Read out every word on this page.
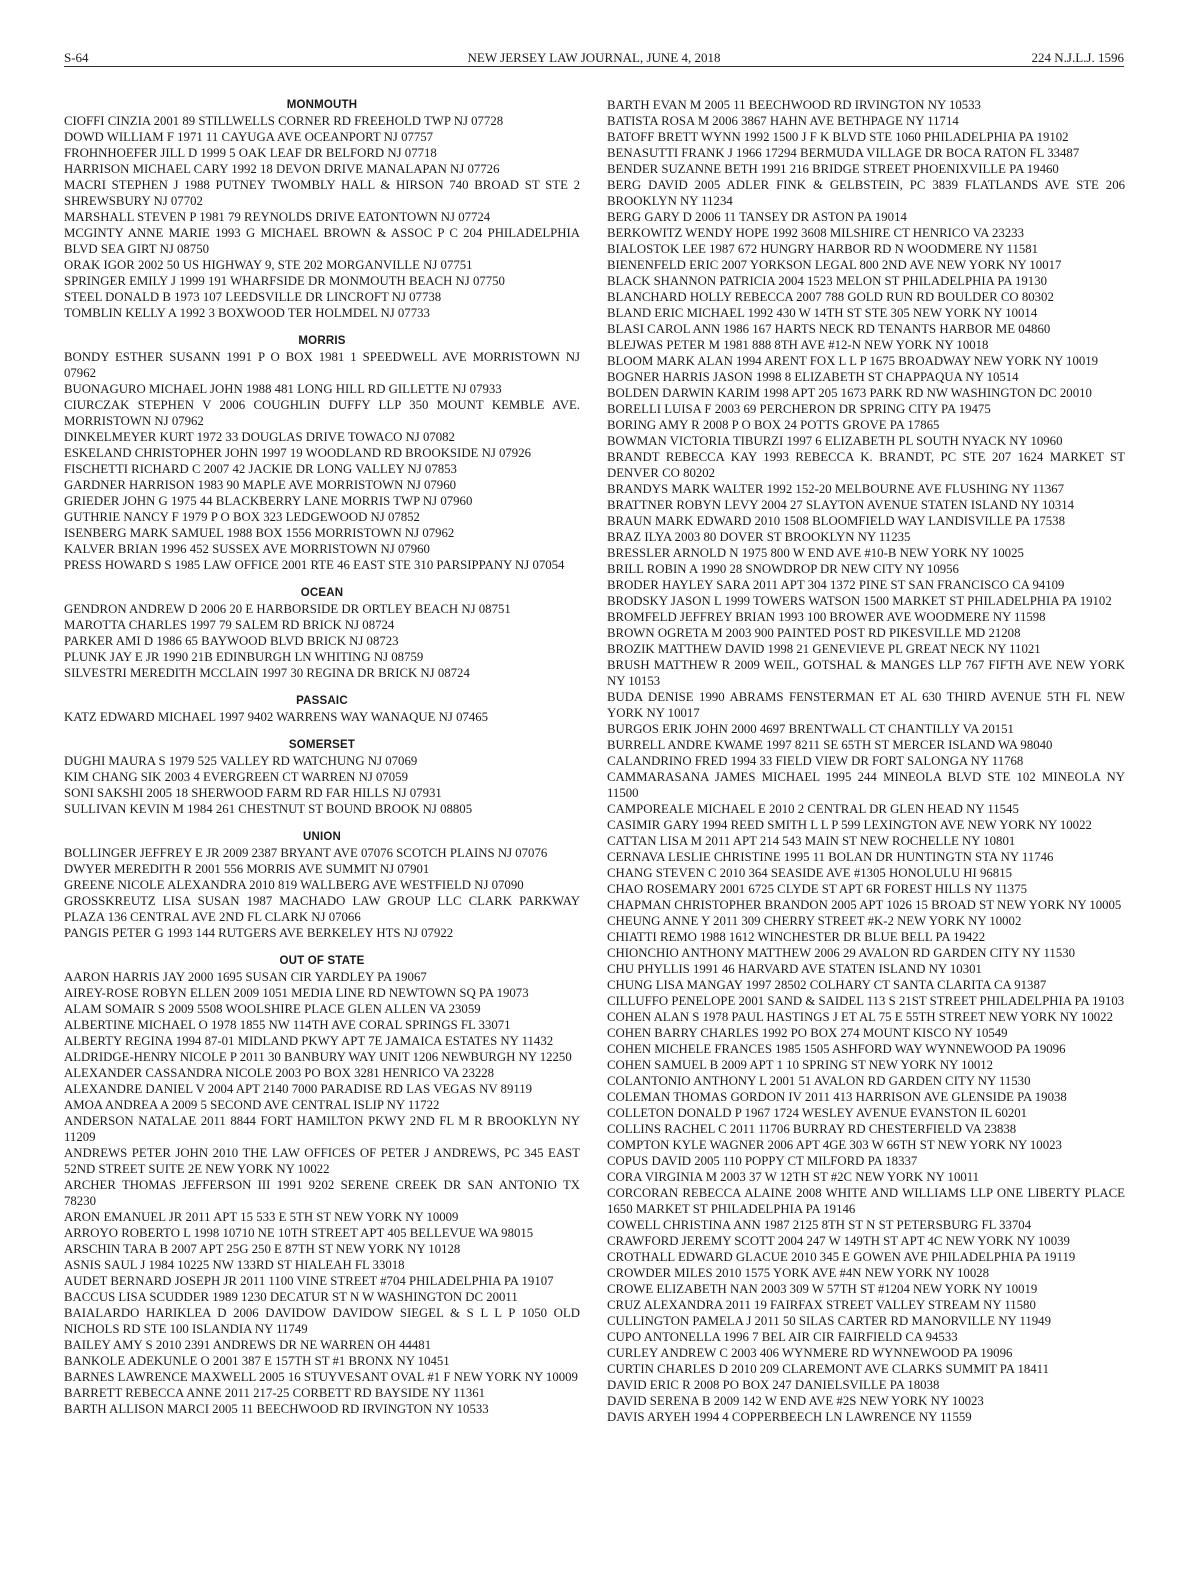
S-64	NEW JERSEY LAW JOURNAL, JUNE 4, 2018	224 N.J.L.J. 1596
MONMOUTH
CIOFFI CINZIA 2001 89 STILLWELLS CORNER RD FREEHOLD TWP NJ 07728
DOWD WILLIAM F 1971 11 CAYUGA AVE OCEANPORT NJ 07757
FROHNHOEFER JILL D 1999 5 OAK LEAF DR BELFORD NJ 07718
HARRISON MICHAEL CARY 1992 18 DEVON DRIVE MANALAPAN NJ 07726
MACRI STEPHEN J 1988 PUTNEY TWOMBLY HALL & HIRSON 740 BROAD ST STE 2 SHREWSBURY NJ 07702
MARSHALL STEVEN P 1981 79 REYNOLDS DRIVE EATONTOWN NJ 07724
MCGINTY ANNE MARIE 1993 G MICHAEL BROWN & ASSOC P C 204 PHILADELPHIA BLVD SEA GIRT NJ 08750
ORAK IGOR 2002 50 US HIGHWAY 9, STE 202 MORGANVILLE NJ 07751
SPRINGER EMILY J 1999 191 WHARFSIDE DR MONMOUTH BEACH NJ 07750
STEEL DONALD B 1973 107 LEEDSVILLE DR LINCROFT NJ 07738
TOMBLIN KELLY A 1992 3 BOXWOOD TER HOLMDEL NJ 07733
MORRIS
BONDY ESTHER SUSANN 1991 P O BOX 1981 1 SPEEDWELL AVE MORRISTOWN NJ 07962
BUONAGURO MICHAEL JOHN 1988 481 LONG HILL RD GILLETTE NJ 07933
CIURCZAK STEPHEN V 2006 COUGHLIN DUFFY LLP 350 MOUNT KEMBLE AVE. MORRISTOWN NJ 07962
DINKELMEYER KURT 1972 33 DOUGLAS DRIVE TOWACO NJ 07082
ESKELAND CHRISTOPHER JOHN 1997 19 WOODLAND RD BROOKSIDE NJ 07926
FISCHETTI RICHARD C 2007 42 JACKIE DR LONG VALLEY NJ 07853
GARDNER HARRISON 1983 90 MAPLE AVE MORRISTOWN NJ 07960
GRIEDER JOHN G 1975 44 BLACKBERRY LANE MORRIS TWP NJ 07960
GUTHRIE NANCY F 1979 P O BOX 323 LEDGEWOOD NJ 07852
ISENBERG MARK SAMUEL 1988 BOX 1556 MORRISTOWN NJ 07962
KALVER BRIAN 1996 452 SUSSEX AVE MORRISTOWN NJ 07960
PRESS HOWARD S 1985 LAW OFFICE 2001 RTE 46 EAST STE 310 PARSIPPANY NJ 07054
OCEAN
GENDRON ANDREW D 2006 20 E HARBORSIDE DR ORTLEY BEACH NJ 08751
MAROTTA CHARLES 1997 79 SALEM RD BRICK NJ 08724
PARKER AMI D 1986 65 BAYWOOD BLVD BRICK NJ 08723
PLUNK JAY E JR 1990 21B EDINBURGH LN WHITING NJ 08759
SILVESTRI MEREDITH MCCLAIN 1997 30 REGINA DR BRICK NJ 08724
PASSAIC
KATZ EDWARD MICHAEL 1997 9402 WARRENS WAY WANAQUE NJ 07465
SOMERSET
DUGHI MAURA S 1979 525 VALLEY RD WATCHUNG NJ 07069
KIM CHANG SIK 2003 4 EVERGREEN CT WARREN NJ 07059
SONI SAKSHI 2005 18 SHERWOOD FARM RD FAR HILLS NJ 07931
SULLIVAN KEVIN M 1984 261 CHESTNUT ST BOUND BROOK NJ 08805
UNION
BOLLINGER JEFFREY E JR 2009 2387 BRYANT AVE 07076 SCOTCH PLAINS NJ 07076
DWYER MEREDITH R 2001 556 MORRIS AVE SUMMIT NJ 07901
GREENE NICOLE ALEXANDRA 2010 819 WALLBERG AVE WESTFIELD NJ 07090
GROSSKREUTZ LISA SUSAN 1987 MACHADO LAW GROUP LLC CLARK PARKWAY PLAZA 136 CENTRAL AVE 2ND FL CLARK NJ 07066
PANGIS PETER G 1993 144 RUTGERS AVE BERKELEY HTS NJ 07922
OUT OF STATE
AARON HARRIS JAY 2000 1695 SUSAN CIR YARDLEY PA 19067
AIREY-ROSE ROBYN ELLEN 2009 1051 MEDIA LINE RD NEWTOWN SQ PA 19073
ALAM SOMAIR S 2009 5508 WOOLSHIRE PLACE GLEN ALLEN VA 23059
ALBERTINE MICHAEL O 1978 1855 NW 114TH AVE CORAL SPRINGS FL 33071
ALBERTY REGINA 1994 87-01 MIDLAND PKWY APT 7E JAMAICA ESTATES NY 11432
ALDRIDGE-HENRY NICOLE P 2011 30 BANBURY WAY UNIT 1206 NEWBURGH NY 12250
ALEXANDER CASSANDRA NICOLE 2003 PO BOX 3281 HENRICO VA 23228
ALEXANDRE DANIEL V 2004 APT 2140 7000 PARADISE RD LAS VEGAS NV 89119
AMOA ANDREA A 2009 5 SECOND AVE CENTRAL ISLIP NY 11722
ANDERSON NATALAE 2011 8844 FORT HAMILTON PKWY 2ND FL M R BROOKLYN NY 11209
ANDREWS PETER JOHN 2010 THE LAW OFFICES OF PETER J ANDREWS, PC 345 EAST 52ND STREET SUITE 2E NEW YORK NY 10022
ARCHER THOMAS JEFFERSON III 1991 9202 SERENE CREEK DR SAN ANTONIO TX 78230
ARON EMANUEL JR 2011 APT 15 533 E 5TH ST NEW YORK NY 10009
ARROYO ROBERTO L 1998 10710 NE 10TH STREET APT 405 BELLEVUE WA 98015
ARSCHIN TARA B 2007 APT 25G 250 E 87TH ST NEW YORK NY 10128
ASNIS SAUL J 1984 10225 NW 133RD ST HIALEAH FL 33018
AUDET BERNARD JOSEPH JR 2011 1100 VINE STREET #704 PHILADELPHIA PA 19107
BACCUS LISA SCUDDER 1989 1230 DECATUR ST N W WASHINGTON DC 20011
BAIALARDO HARIKLEA D 2006 DAVIDOW DAVIDOW SIEGEL & S L L P 1050 OLD NICHOLS RD STE 100 ISLANDIA NY 11749
BAILEY AMY S 2010 2391 ANDREWS DR NE WARREN OH 44481
BANKOLE ADEKUNLE O 2001 387 E 157TH ST #1 BRONX NY 10451
BARNES LAWRENCE MAXWELL 2005 16 STUYVESANT OVAL #1 F NEW YORK NY 10009
BARRETT REBECCA ANNE 2011 217-25 CORBETT RD BAYSIDE NY 11361
BARTH ALLISON MARCI 2005 11 BEECHWOOD RD IRVINGTON NY 10533
BARTH EVAN M 2005 11 BEECHWOOD RD IRVINGTON NY 10533
BATISTA ROSA M 2006 3867 HAHN AVE BETHPAGE NY 11714
BATOFF BRETT WYNN 1992 1500 J F K BLVD STE 1060 PHILADELPHIA PA 19102
BENASUTTI FRANK J 1966 17294 BERMUDA VILLAGE DR BOCA RATON FL 33487
BENDER SUZANNE BETH 1991 216 BRIDGE STREET PHOENIXVILLE PA 19460
BERG DAVID 2005 ADLER FINK & GELBSTEIN, PC 3839 FLATLANDS AVE STE 206 BROOKLYN NY 11234
BERG GARY D 2006 11 TANSEY DR ASTON PA 19014
BERKOWITZ WENDY HOPE 1992 3608 MILSHIRE CT HENRICO VA 23233
BIALOSTOK LEE 1987 672 HUNGRY HARBOR RD N WOODMERE NY 11581
BIENENFELD ERIC 2007 YORKSON LEGAL 800 2ND AVE NEW YORK NY 10017
BLACK SHANNON PATRICIA 2004 1523 MELON ST PHILADELPHIA PA 19130
BLANCHARD HOLLY REBECCA 2007 788 GOLD RUN RD BOULDER CO 80302
BLAND ERIC MICHAEL 1992 430 W 14TH ST STE 305 NEW YORK NY 10014
BLASI CAROL ANN 1986 167 HARTS NECK RD TENANTS HARBOR ME 04860
BLEJWAS PETER M 1981 888 8TH AVE #12-N NEW YORK NY 10018
BLOOM MARK ALAN 1994 ARENT FOX L L P 1675 BROADWAY NEW YORK NY 10019
BOGNER HARRIS JASON 1998 8 ELIZABETH ST CHAPPAQUA NY 10514
BOLDEN DARWIN KARIM 1998 APT 205 1673 PARK RD NW WASHINGTON DC 20010
BORELLI LUISA F 2003 69 PERCHERON DR SPRING CITY PA 19475
BORING AMY R 2008 P O BOX 24 POTTS GROVE PA 17865
BOWMAN VICTORIA TIBURZI 1997 6 ELIZABETH PL SOUTH NYACK NY 10960
BRANDT REBECCA KAY 1993 REBECCA K. BRANDT, PC STE 207 1624 MARKET ST DENVER CO 80202
BRANDYS MARK WALTER 1992 152-20 MELBOURNE AVE FLUSHING NY 11367
BRATTNER ROBYN LEVY 2004 27 SLAYTON AVENUE STATEN ISLAND NY 10314
BRAUN MARK EDWARD 2010 1508 BLOOMFIELD WAY LANDISVILLE PA 17538
BRAZ ILYA 2003 80 DOVER ST BROOKLYN NY 11235
BRESSLER ARNOLD N 1975 800 W END AVE #10-B NEW YORK NY 10025
BRILL ROBIN A 1990 28 SNOWDROP DR NEW CITY NY 10956
BRODER HAYLEY SARA 2011 APT 304 1372 PINE ST SAN FRANCISCO CA 94109
BRODSKY JASON L 1999 TOWERS WATSON 1500 MARKET ST PHILADELPHIA PA 19102
BROMFELD JEFFREY BRIAN 1993 100 BROWER AVE WOODMERE NY 11598
BROWN OGRETA M 2003 900 PAINTED POST RD PIKESVILLE MD 21208
BROZIK MATTHEW DAVID 1998 21 GENEVIEVE PL GREAT NECK NY 11021
BRUSH MATTHEW R 2009 WEIL, GOTSHAL & MANGES LLP 767 FIFTH AVE NEW YORK NY 10153
BUDA DENISE 1990 ABRAMS FENSTERMAN ET AL 630 THIRD AVENUE 5TH FL NEW YORK NY 10017
BURGOS ERIK JOHN 2000 4697 BRENTWALL CT CHANTILLY VA 20151
BURRELL ANDRE KWAME 1997 8211 SE 65TH ST MERCER ISLAND WA 98040
CALANDRINO FRED 1994 33 FIELD VIEW DR FORT SALONGA NY 11768
CAMMARASANA JAMES MICHAEL 1995 244 MINEOLA BLVD STE 102 MINEOLA NY 11500
CAMPOREALE MICHAEL E 2010 2 CENTRAL DR GLEN HEAD NY 11545
CASIMIR GARY 1994 REED SMITH L L P 599 LEXINGTON AVE NEW YORK NY 10022
CATTAN LISA M 2011 APT 214 543 MAIN ST NEW ROCHELLE NY 10801
CERNAVA LESLIE CHRISTINE 1995 11 BOLAN DR HUNTINGTN STA NY 11746
CHANG STEVEN C 2010 364 SEASIDE AVE #1305 HONOLULU HI 96815
CHAO ROSEMARY 2001 6725 CLYDE ST APT 6R FOREST HILLS NY 11375
CHAPMAN CHRISTOPHER BRANDON 2005 APT 1026 15 BROAD ST NEW YORK NY 10005
CHEUNG ANNE Y 2011 309 CHERRY STREET #K-2 NEW YORK NY 10002
CHIATTI REMO 1988 1612 WINCHESTER DR BLUE BELL PA 19422
CHIONCHIO ANTHONY MATTHEW 2006 29 AVALON RD GARDEN CITY NY 11530
CHU PHYLLIS 1991 46 HARVARD AVE STATEN ISLAND NY 10301
CHUNG LISA MANGAY 1997 28502 COLHARY CT SANTA CLARITA CA 91387
CILLUFFO PENELOPE 2001 SAND & SAIDEL 113 S 21ST STREET PHILADELPHIA PA 19103
COHEN ALAN S 1978 PAUL HASTINGS J ET AL 75 E 55TH STREET NEW YORK NY 10022
COHEN BARRY CHARLES 1992 PO BOX 274 MOUNT KISCO NY 10549
COHEN MICHELE FRANCES 1985 1505 ASHFORD WAY WYNNEWOOD PA 19096
COHEN SAMUEL B 2009 APT 1 10 SPRING ST NEW YORK NY 10012
COLANTONIO ANTHONY L 2001 51 AVALON RD GARDEN CITY NY 11530
COLEMAN THOMAS GORDON IV 2011 413 HARRISON AVE GLENSIDE PA 19038
COLLETON DONALD P 1967 1724 WESLEY AVENUE EVANSTON IL 60201
COLLINS RACHEL C 2011 11706 BURRAY RD CHESTERFIELD VA 23838
COMPTON KYLE WAGNER 2006 APT 4GE 303 W 66TH ST NEW YORK NY 10023
COPUS DAVID 2005 110 POPPY CT MILFORD PA 18337
CORA VIRGINIA M 2003 37 W 12TH ST #2C NEW YORK NY 10011
CORCORAN REBECCA ALAINE 2008 WHITE AND WILLIAMS LLP ONE LIBERTY PLACE 1650 MARKET ST PHILADELPHIA PA 19146
COWELL CHRISTINA ANN 1987 2125 8TH ST N ST PETERSBURG FL 33704
CRAWFORD JEREMY SCOTT 2004 247 W 149TH ST APT 4C NEW YORK NY 10039
CROTHALL EDWARD GLACUE 2010 345 E GOWEN AVE PHILADELPHIA PA 19119
CROWDER MILES 2010 1575 YORK AVE #4N NEW YORK NY 10028
CROWE ELIZABETH NAN 2003 309 W 57TH ST #1204 NEW YORK NY 10019
CRUZ ALEXANDRA 2011 19 FAIRFAX STREET VALLEY STREAM NY 11580
CULLINGTON PAMELA J 2011 50 SILAS CARTER RD MANORVILLE NY 11949
CUPO ANTONELLA 1996 7 BEL AIR CIR FAIRFIELD CA 94533
CURLEY ANDREW C 2003 406 WYNMERE RD WYNNEWOOD PA 19096
CURTIN CHARLES D 2010 209 CLAREMONT AVE CLARKS SUMMIT PA 18411
DAVID ERIC R 2008 PO BOX 247 DANIELSVILLE PA 18038
DAVID SERENA B 2009 142 W END AVE #2S NEW YORK NY 10023
DAVIS ARYEH 1994 4 COPPERBEECH LN LAWRENCE NY 11559
